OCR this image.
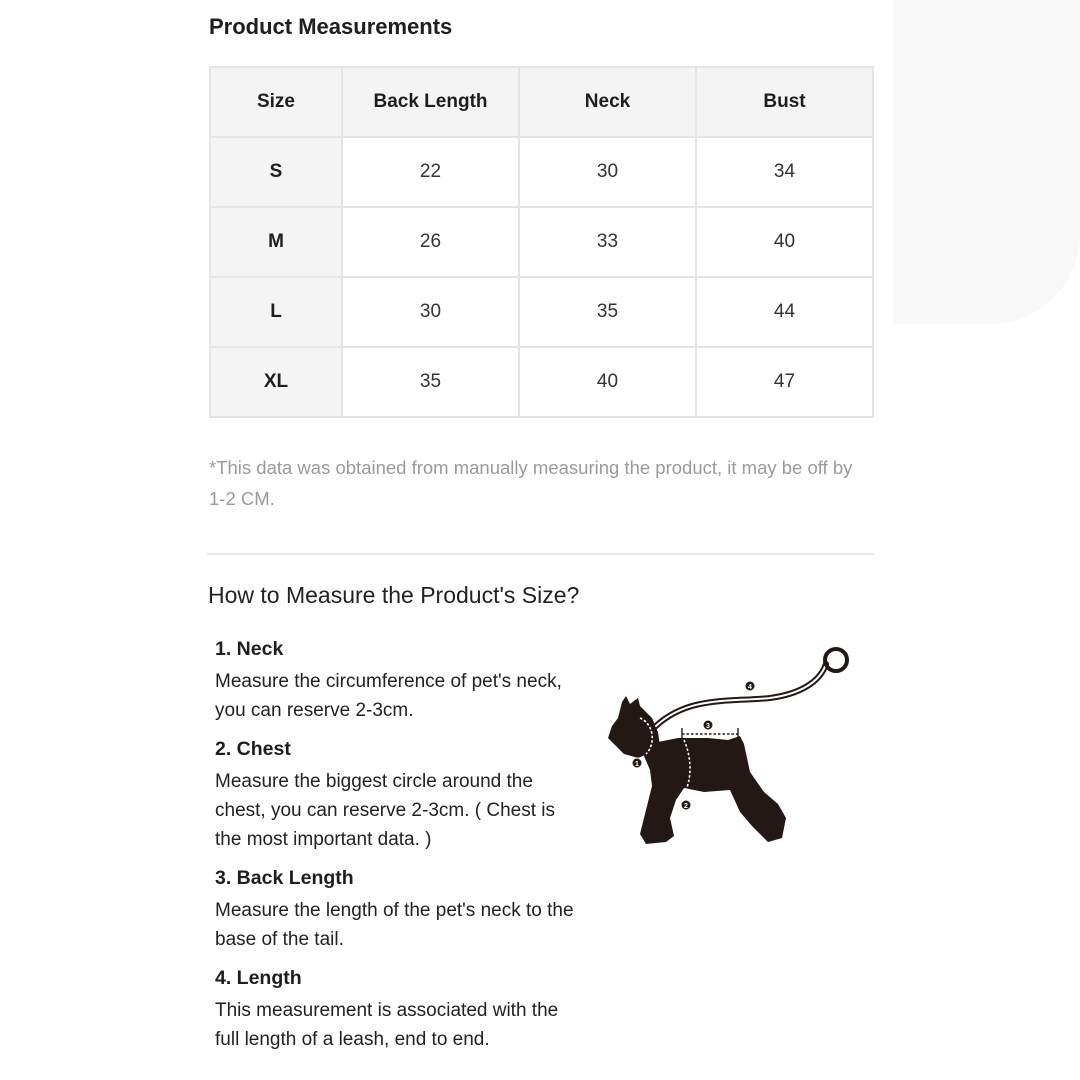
Product Measurements
Size	Back Length	Neck	Bust
S	22	30	34
M	26	33	40
L	30	35	44
XL	35	40	47

*This data was obtained from manually measuring the product, it may be off by 1-2 CM.

How to Measure the Product's Size?

1. Neck

Measure the circumference of pet's neck, you can reserve 2-3cm.

2. Chest

Measure the biggest circle around the chest, you can reserve 2-3cm. ( Chest is the most important data. )

3. Back Length

Measure the length of the pet's neck to the base of the tail.

4. Length

This measurement is associated with the full length of a leash, end to end.

1
2
3
4
